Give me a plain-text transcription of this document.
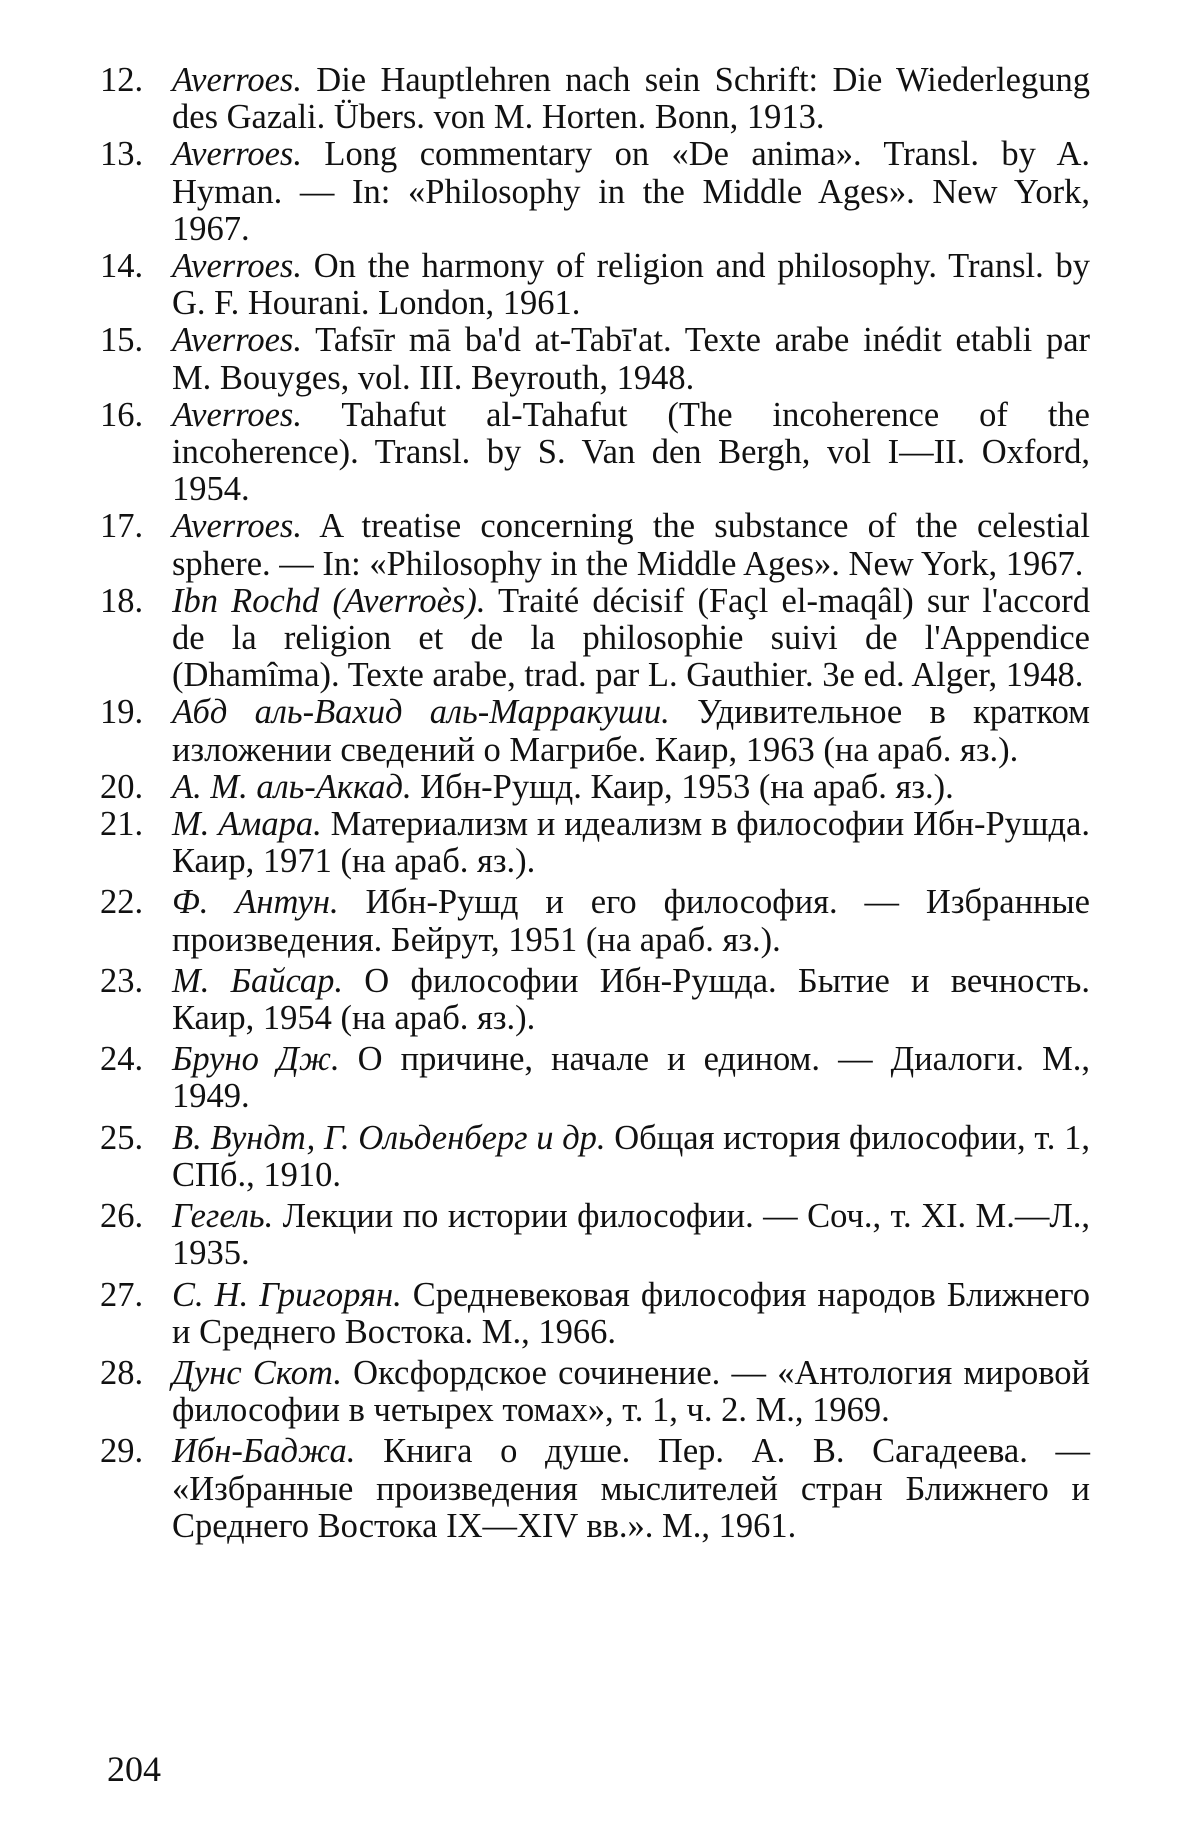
12. Averroes. Die Hauptlehren nach sein Schrift: Die Wiederlegung des Gazali. Übers. von M. Horten. Bonn, 1913.
13. Averroes. Long commentary on «De anima». Transl. by A. Hyman. — In: «Philosophy in the Middle Ages». New York, 1967.
14. Averroes. On the harmony of religion and philosophy. Transl. by G. F. Hourani. London, 1961.
15. Averroes. Tafsīr mā ba'd at-Tabī'at. Texte arabe inédit etabli par M. Bouyges, vol. III. Beyrouth, 1948.
16. Averroes. Tahafut al-Tahafut (The incoherence of the incoherence). Transl. by S. Van den Bergh, vol I—II. Oxford, 1954.
17. Averroes. A treatise concerning the substance of the celestial sphere. — In: «Philosophy in the Middle Ages». New York, 1967.
18. Ibn Rochd (Averroès). Traité décisif (Façl el-maqâl) sur l'accord de la religion et de la philosophie suivi de l'Appendice (Dhamîma). Texte arabe, trad. par L. Gauthier. 3e ed. Alger, 1948.
19. Абд аль-Вахид аль-Марракуши. Удивительное в кратком изложении сведений о Магрибе. Каир, 1963 (на араб. яз.).
20. А. М. аль-Аккад. Ибн-Рушд. Каир, 1953 (на араб. яз.).
21. М. Амара. Материализм и идеализм в философии Ибн-Рушда. Каир, 1971 (на араб. яз.).
22. Ф. Антун. Ибн-Рушд и его философия. — Избранные произведения. Бейрут, 1951 (на араб. яз.).
23. М. Байсар. О философии Ибн-Рушда. Бытие и вечность. Каир, 1954 (на араб. яз.).
24. Бруно Дж. О причине, начале и едином. — Диалоги. М., 1949.
25. В. Вундт, Г. Ольденберг и др. Общая история философии, т. 1, СПб., 1910.
26. Гегель. Лекции по истории философии. — Соч., т. XI. М.—Л., 1935.
27. С. Н. Григорян. Средневековая философия народов Ближнего и Среднего Востока. М., 1966.
28. Дунс Скот. Оксфордское сочинение. — «Антология мировой философии в четырех томах», т. 1, ч. 2. М., 1969.
29. Ибн-Баджа. Книга о душе. Пер. А. В. Сагадеева. — «Избранные произведения мыслителей стран Ближнего и Среднего Востока IX—XIV вв.». М., 1961.
204
